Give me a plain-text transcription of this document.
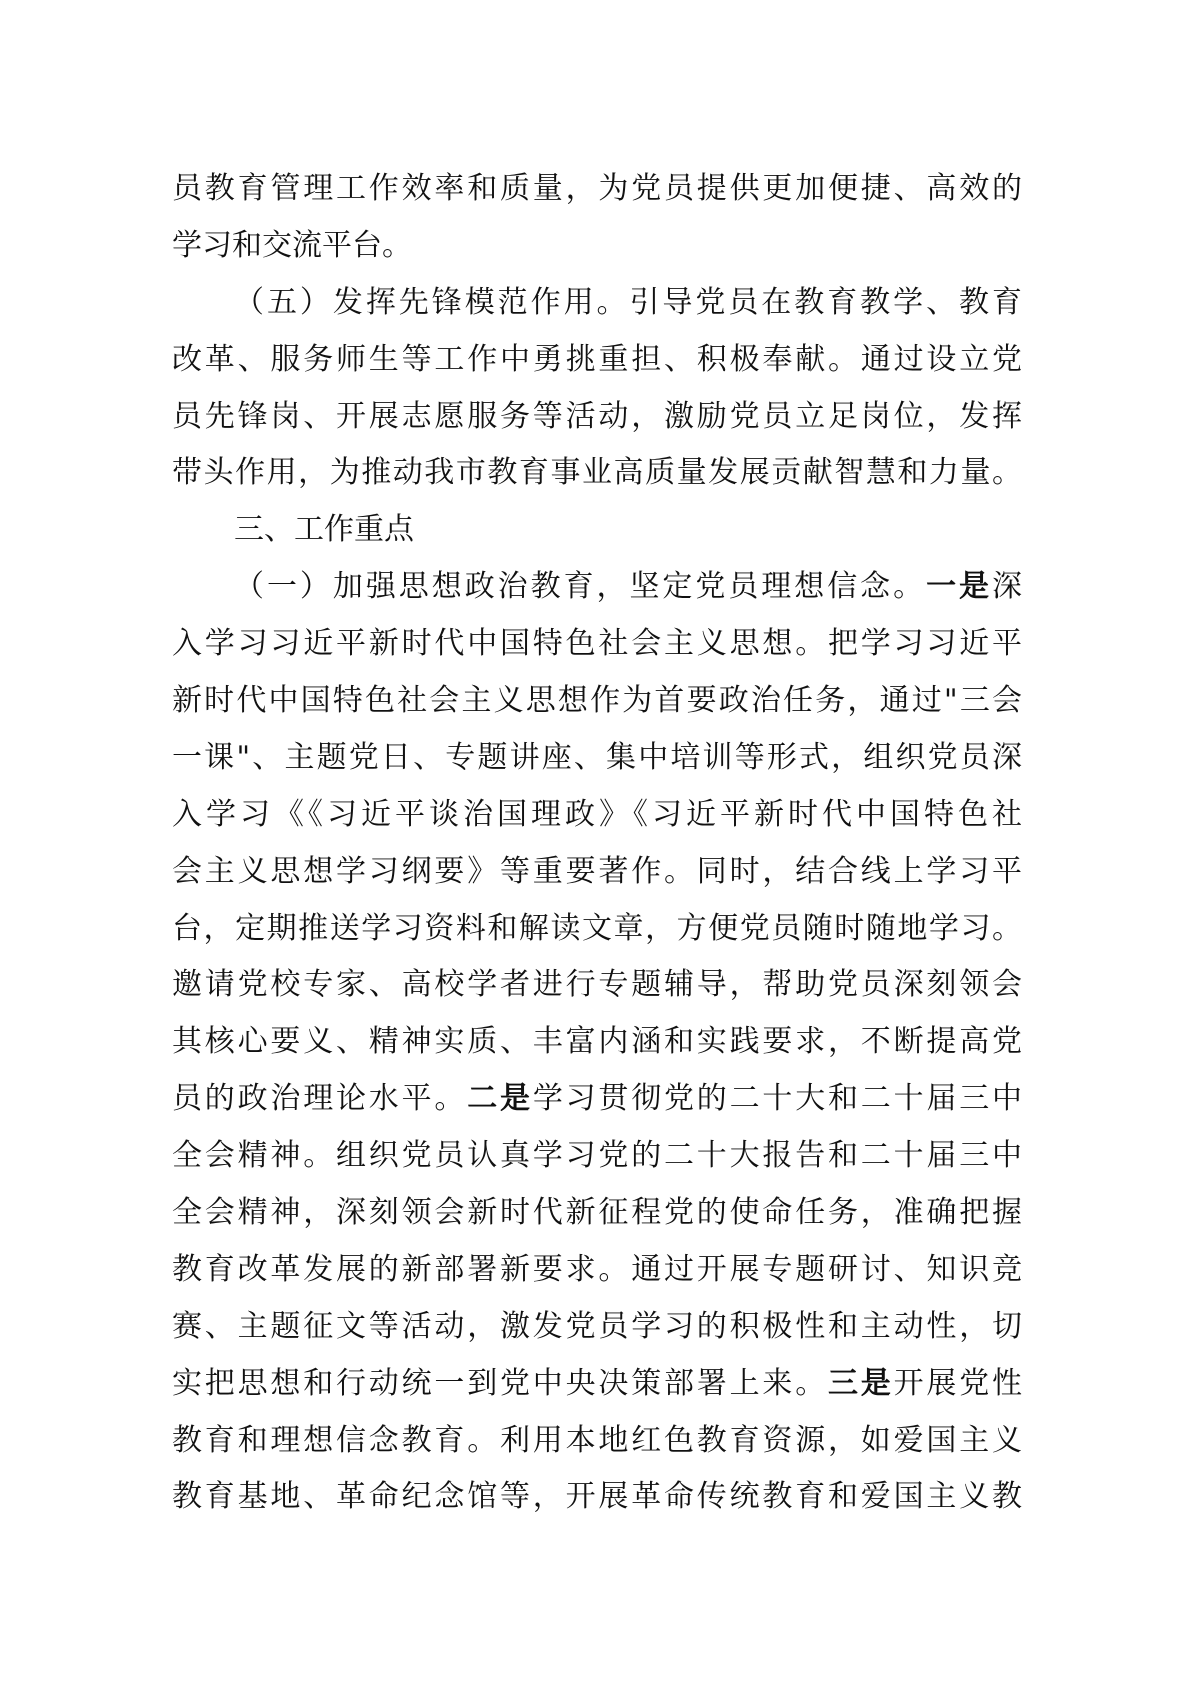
员教育管理工作效率和质量，为党员提供更加便捷、高效的
学习和交流平台。
（五）发挥先锋模范作用。引导党员在教育教学、教育
改革、服务师生等工作中勇挑重担、积极奉献。通过设立党
员先锋岗、开展志愿服务等活动，激励党员立足岗位，发挥
带头作用，为推动我市教育事业高质量发展贡献智慧和力量。
三、工作重点
（一）加强思想政治教育，坚定党员理想信念。一是深
入学习习近平新时代中国特色社会主义思想。把学习习近平
新时代中国特色社会主义思想作为首要政治任务，通过"三会
一课"、主题党日、专题讲座、集中培训等形式，组织党员深
入学习《《习近平谈治国理政》《习近平新时代中国特色社
会主义思想学习纲要》等重要著作。同时，结合线上学习平
台，定期推送学习资料和解读文章，方便党员随时随地学习。
邀请党校专家、高校学者进行专题辅导，帮助党员深刻领会
其核心要义、精神实质、丰富内涵和实践要求，不断提高党
员的政治理论水平。二是学习贯彻党的二十大和二十届三中
全会精神。组织党员认真学习党的二十大报告和二十届三中
全会精神，深刻领会新时代新征程党的使命任务，准确把握
教育改革发展的新部署新要求。通过开展专题研讨、知识竞
赛、主题征文等活动，激发党员学习的积极性和主动性，切
实把思想和行动统一到党中央决策部署上来。三是开展党性
教育和理想信念教育。利用本地红色教育资源，如爱国主义
教育基地、革命纪念馆等，开展革命传统教育和爱国主义教
